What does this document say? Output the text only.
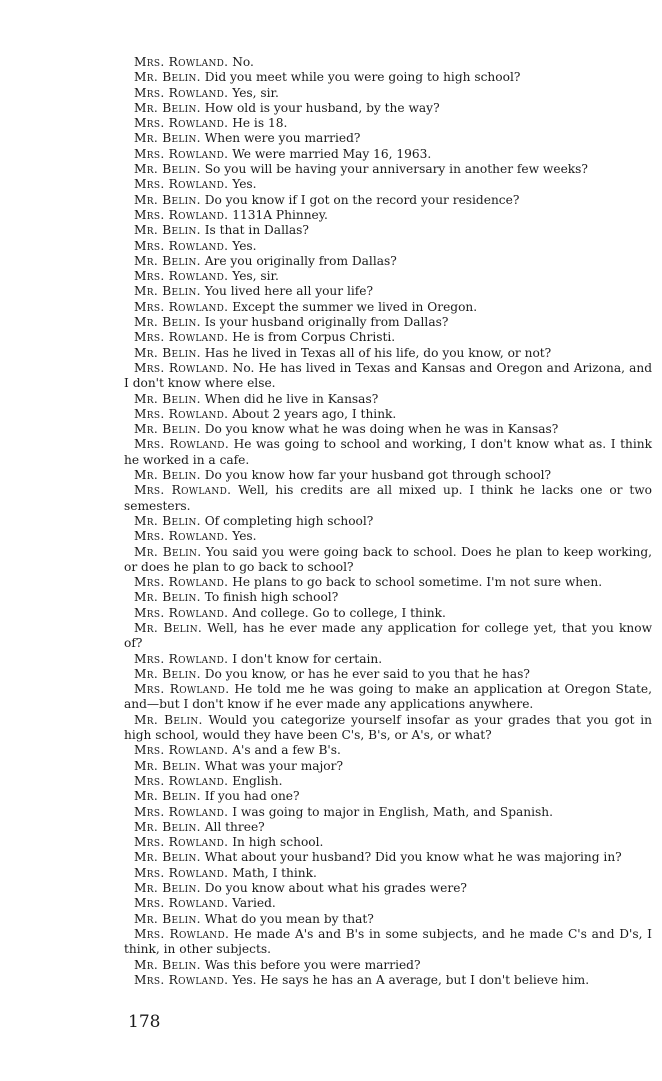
Mrs. Rowland. No.

Mr. Belin. Did you meet while you were going to high school?

Mrs. Rowland. Yes, sir.

Mr. Belin. How old is your husband, by the way?

Mrs. Rowland. He is 18.

Mr. Belin. When were you married?

Mrs. Rowland. We were married May 16, 1963.

Mr. Belin. So you will be having your anniversary in another few weeks?

Mrs. Rowland. Yes.

Mr. Belin. Do you know if I got on the record your residence?

Mrs. Rowland. 1131A Phinney.

Mr. Belin. Is that in Dallas?

Mrs. Rowland. Yes.

Mr. Belin. Are you originally from Dallas?

Mrs. Rowland. Yes, sir.

Mr. Belin. You lived here all your life?

Mrs. Rowland. Except the summer we lived in Oregon.

Mr. Belin. Is your husband originally from Dallas?

Mrs. Rowland. He is from Corpus Christi.

Mr. Belin. Has he lived in Texas all of his life, do you know, or not?

Mrs. Rowland. No. He has lived in Texas and Kansas and Oregon and Arizona, and I don't know where else.

Mr. Belin. When did he live in Kansas?

Mrs. Rowland. About 2 years ago, I think.

Mr. Belin. Do you know what he was doing when he was in Kansas?

Mrs. Rowland. He was going to school and working, I don't know what as. I think he worked in a cafe.

Mr. Belin. Do you know how far your husband got through school?

Mrs. Rowland. Well, his credits are all mixed up. I think he lacks one or two semesters.

Mr. Belin. Of completing high school?

Mrs. Rowland. Yes.

Mr. Belin. You said you were going back to school. Does he plan to keep working, or does he plan to go back to school?

Mrs. Rowland. He plans to go back to school sometime. I'm not sure when.

Mr. Belin. To finish high school?

Mrs. Rowland. And college. Go to college, I think.

Mr. Belin. Well, has he ever made any application for college yet, that you know of?

Mrs. Rowland. I don't know for certain.

Mr. Belin. Do you know, or has he ever said to you that he has?

Mrs. Rowland. He told me he was going to make an application at Oregon State, and—but I don't know if he ever made any applications anywhere.

Mr. Belin. Would you categorize yourself insofar as your grades that you got in high school, would they have been C's, B's, or A's, or what?

Mrs. Rowland. A's and a few B's.

Mr. Belin. What was your major?

Mrs. Rowland. English.

Mr. Belin. If you had one?

Mrs. Rowland. I was going to major in English, Math, and Spanish.

Mr. Belin. All three?

Mrs. Rowland. In high school.

Mr. Belin. What about your husband? Did you know what he was majoring in?

Mrs. Rowland. Math, I think.

Mr. Belin. Do you know about what his grades were?

Mrs. Rowland. Varied.

Mr. Belin. What do you mean by that?

Mrs. Rowland. He made A's and B's in some subjects, and he made C's and D's, I think, in other subjects.

Mr. Belin. Was this before you were married?

Mrs. Rowland. Yes. He says he has an A average, but I don't believe him.

178
